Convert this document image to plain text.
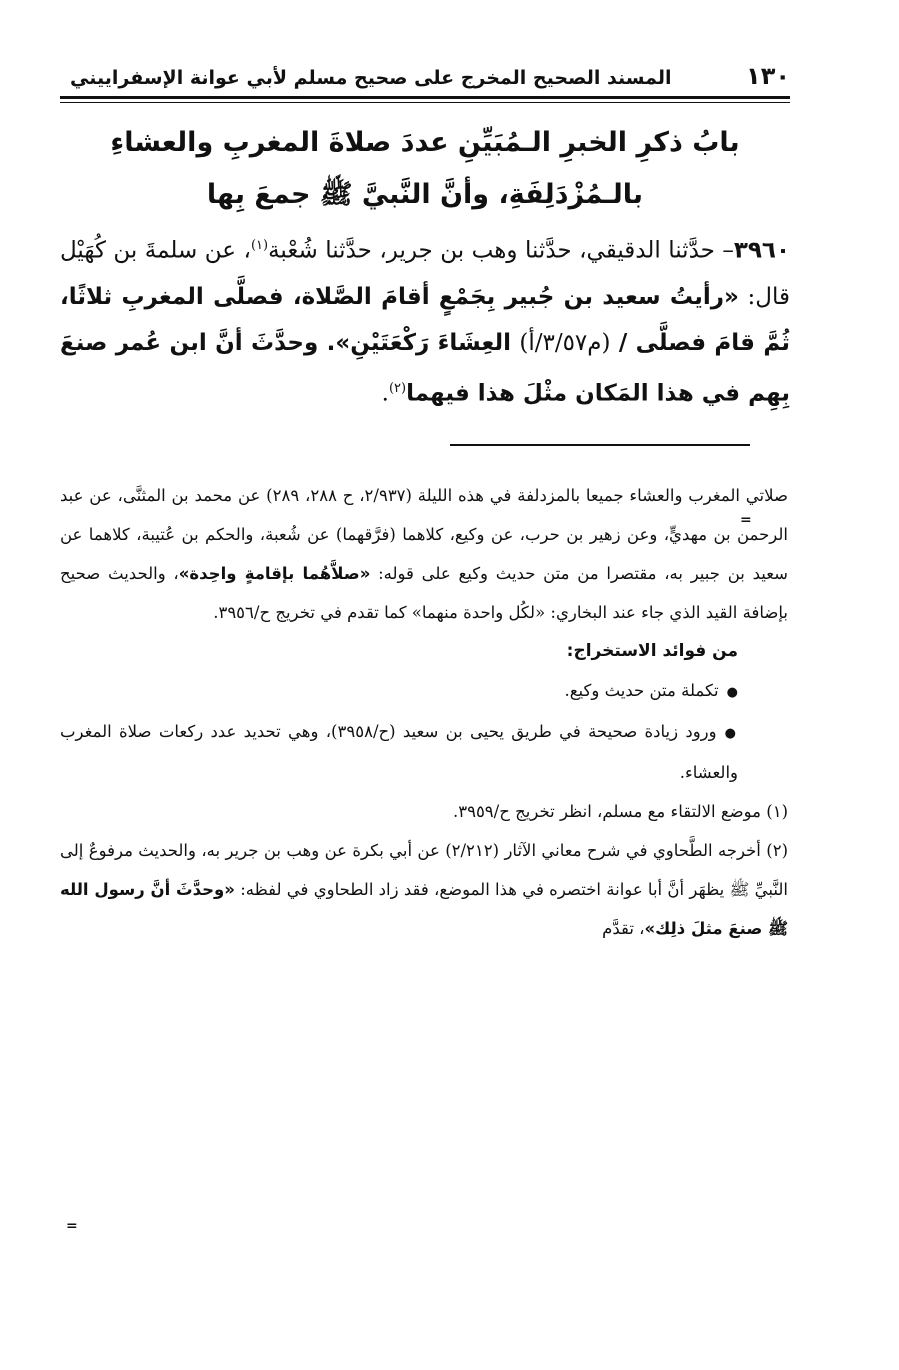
١٣٠
المسند الصحيح المخرج على صحيح مسلم لأبي عوانة الإسفراييني
بابُ ذكرِ الخبرِ الـمُبَيِّنِ عددَ صلاةَ المغربِ والعشاءِ
بالـمُزْدَلِفَةِ، وأنَّ النَّبيَّ ﷺ جمعَ بِها
٣٩٦٠– حدَّثنا الدقيقي، حدَّثنا وهب بن جرير، حدَّثنا شُعْبة$^{(١)}$، عن سلمةَ بن كُهَيْل قال: «رأيتُ سعيد بن جُبير بِجَمْعٍ أقامَ الصَّلاة، فصلَّى المغربِ ثلاثًا، ثُمَّ قامَ فصلَّى / (م٣/٥٧/أ) العِشَاءَ رَكْعَتَيْنِ». وحدَّثَ أنَّ ابن عُمر صنعَ بِهِم في هذا المَكان مثْلَ هذا فيهما$^{(٢)}$.

صلاتي المغرب والعشاء جميعا بالمزدلفة في هذه الليلة (٢/٩٣٧، ح ٢٨٨، ٢٨٩) عن محمد بن المثنَّى، عن عبد الرحمن بن مهديٍّ، وعن زهير بن حرب، عن وكيع، كلاهما (فرَّقهما) عن شُعبة، والحكم بن عُتيبة، كلاهما عن سعيد بن جبير به، مقتصرا من متن حديث وكيع على قوله: «صلاَّهُما بإقامةٍ واحِدة»، والحديث صحيح بإضافة القيد الذي جاء عند البخاري: «لكُل واحدة منهما» كما تقدم في تخريج ح/٣٩٥٦.

من فوائد الاستخراج:

● تكملة متن حديث وكيع.

● ورود زيادة صحيحة في طريق يحيى بن سعيد (ح/٣٩٥٨)، وهي تحديد عدد ركعات صلاة المغرب والعشاء.

(١) موضع الالتقاء مع مسلم، انظر تخريج ح/٣٩٥٩.

(٢) أخرجه الطَّحاوي في شرح معاني الآثار (٢/٢١٢) عن أبي بكرة عن وهب بن جرير به، والحديث مرفوعٌ إلى النَّبيِّ ﷺ يظهَر أنَّ أبا عوانة اختصره في هذا الموضع، فقد زاد الطحاوي في لفظه: «وحدَّثَ أنَّ رسول الله ﷺ صنعَ مثلَ ذلِك»، تقدَّم

=
=
